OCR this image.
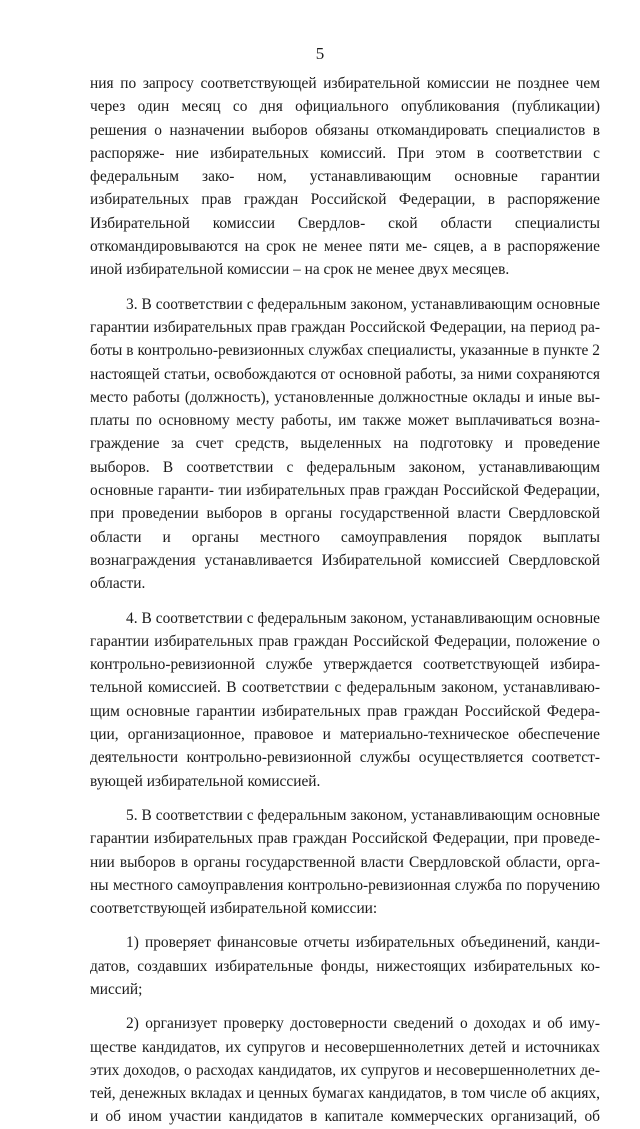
5
ния по запросу соответствующей избирательной комиссии не позднее чем через один месяц со дня официального опубликования (публикации) решения о назначении выборов обязаны откомандировать специалистов в распоряже- ние избирательных комиссий. При этом в соответствии с федеральным зако- ном, устанавливающим основные гарантии избирательных прав граждан Российской Федерации, в распоряжение Избирательной комиссии Свердлов- ской области специалисты откомандировываются на срок не менее пяти ме- сяцев, а в распоряжение иной избирательной комиссии – на срок не менее двух месяцев.
3. В соответствии с федеральным законом, устанавливающим основные гарантии избирательных прав граждан Российской Федерации, на период ра- боты в контрольно-ревизионных службах специалисты, указанные в пункте 2 настоящей статьи, освобождаются от основной работы, за ними сохраняются место работы (должность), установленные должностные оклады и иные вы- платы по основному месту работы, им также может выплачиваться возна- граждение за счет средств, выделенных на подготовку и проведение выборов. В соответствии с федеральным законом, устанавливающим основные гаранти- тии избирательных прав граждан Российской Федерации, при проведении выборов в органы государственной власти Свердловской области и органы местного самоуправления порядок выплаты вознаграждения устанавливается Избирательной комиссией Свердловской области.
4. В соответствии с федеральным законом, устанавливающим основные гарантии избирательных прав граждан Российской Федерации, положение о контрольно-ревизионной службе утверждается соответствующей избира- тельной комиссией. В соответствии с федеральным законом, устанавливаю- щим основные гарантии избирательных прав граждан Российской Федера- ции, организационное, правовое и материально-техническое обеспечение деятельности контрольно-ревизионной службы осуществляется соответст- вующей избирательной комиссией.
5. В соответствии с федеральным законом, устанавливающим основные гарантии избирательных прав граждан Российской Федерации, при проведе- нии выборов в органы государственной власти Свердловской области, орга- ны местного самоуправления контрольно-ревизионная служба по поручению соответствующей избирательной комиссии:
1) проверяет финансовые отчеты избирательных объединений, канди- датов, создавших избирательные фонды, нижестоящих избирательных ко- миссий;
2) организует проверку достоверности сведений о доходах и об иму- ществе кандидатов, их супругов и несовершеннолетних детей и источниках этих доходов, о расходах кандидатов, их супругов и несовершеннолетних де- тей, денежных вкладах и ценных бумагах кандидатов, в том числе об акциях, и об ином участии кандидатов в капитале коммерческих организаций, об
